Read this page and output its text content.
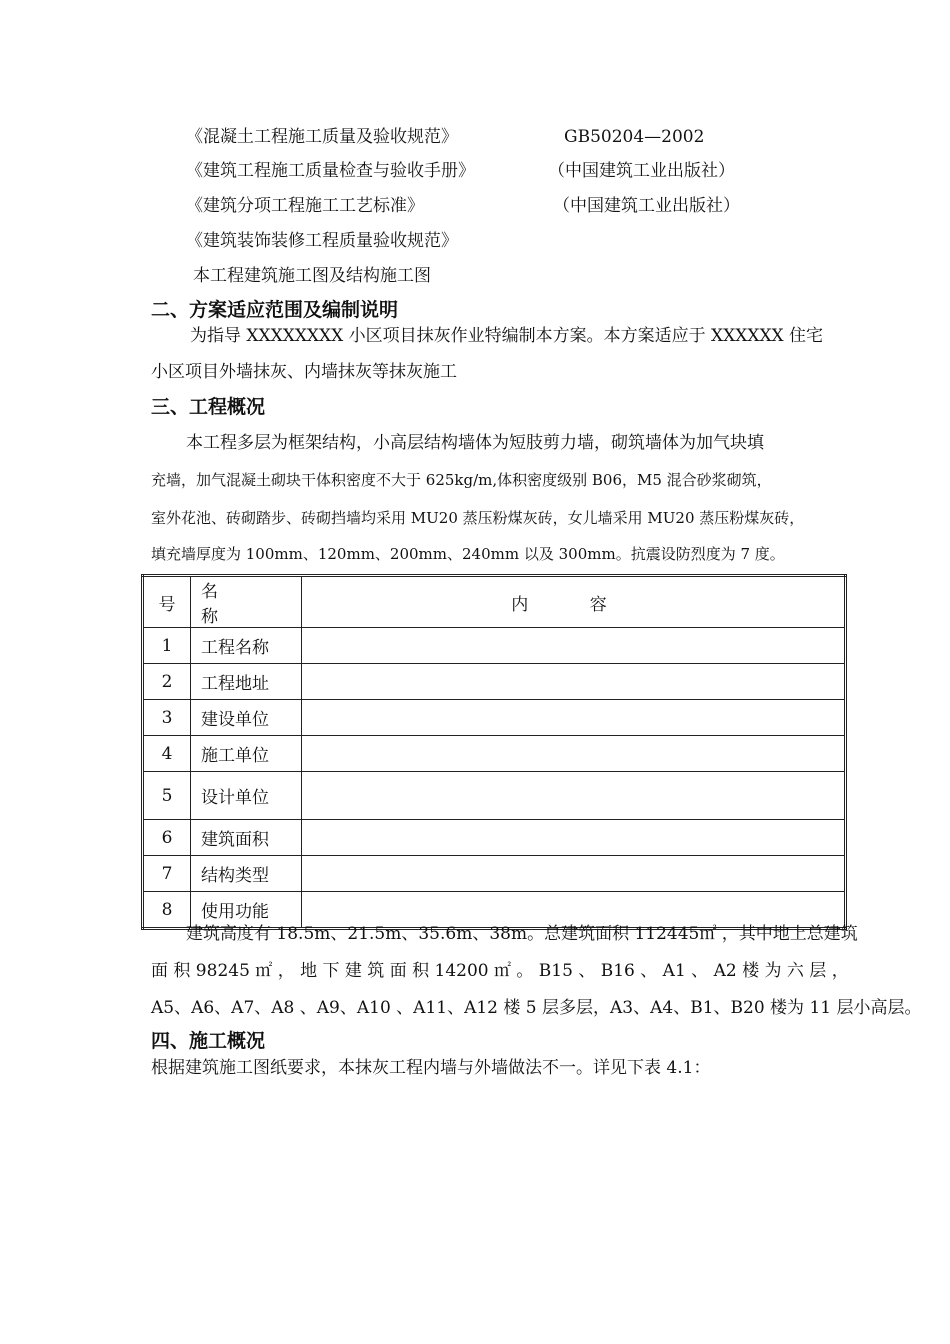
《混凝土工程施工质量及验收规范》	GB50204—2002
《建筑工程施工质量检查与验收手册》	（中国建筑工业出版社）
《建筑分项工程施工工艺标准》	（中国建筑工业出版社）
《建筑装饰装修工程质量验收规范》
本工程建筑施工图及结构施工图
二、方案适应范围及编制说明
为指导 XXXXXXXX 小区项目抹灰作业特编制本方案。本方案适应于 XXXXXX 住宅
小区项目外墙抹灰、内墙抹灰等抹灰施工
三、工程概况
本工程多层为框架结构，小高层结构墙体为短肢剪力墙，砌筑墙体为加气块填
充墙，加气混凝土砌块干体积密度不大于 625kg/m,体积密度级别 B06，M5 混合砂浆砌筑，
室外花池、砖砌踏步、砖砌挡墙均采用 MU20 蒸压粉煤灰砖，女儿墙采用 MU20 蒸压粉煤灰砖，
填充墙厚度为 100mm、120mm、200mm、240mm 以及 300mm。抗震设防烈度为 7 度。
号	名 称	内 容
1	工程名称	
2	工程地址	
3	建设单位	
4	施工单位	
5	设计单位	
6	建筑面积	
7	结构类型	
8	使用功能	
建筑高度有 18.5m、21.5m、35.6m、38m。总建筑面积 112445㎡ ，其中地上总建筑
面 积 98245 ㎡ ， 地 下 建 筑 面 积 14200 ㎡ 。 B15 、 B16 、 A1 、 A2 楼 为 六 层 ，
A5、A6、A7、A8 、A9、A10 、A11、A12 楼 5 层多层，A3、A4、B1、B20 楼为 11 层小高层。
四、施工概况
根据建筑施工图纸要求，本抹灰工程内墙与外墙做法不一。详见下表 4.1：
